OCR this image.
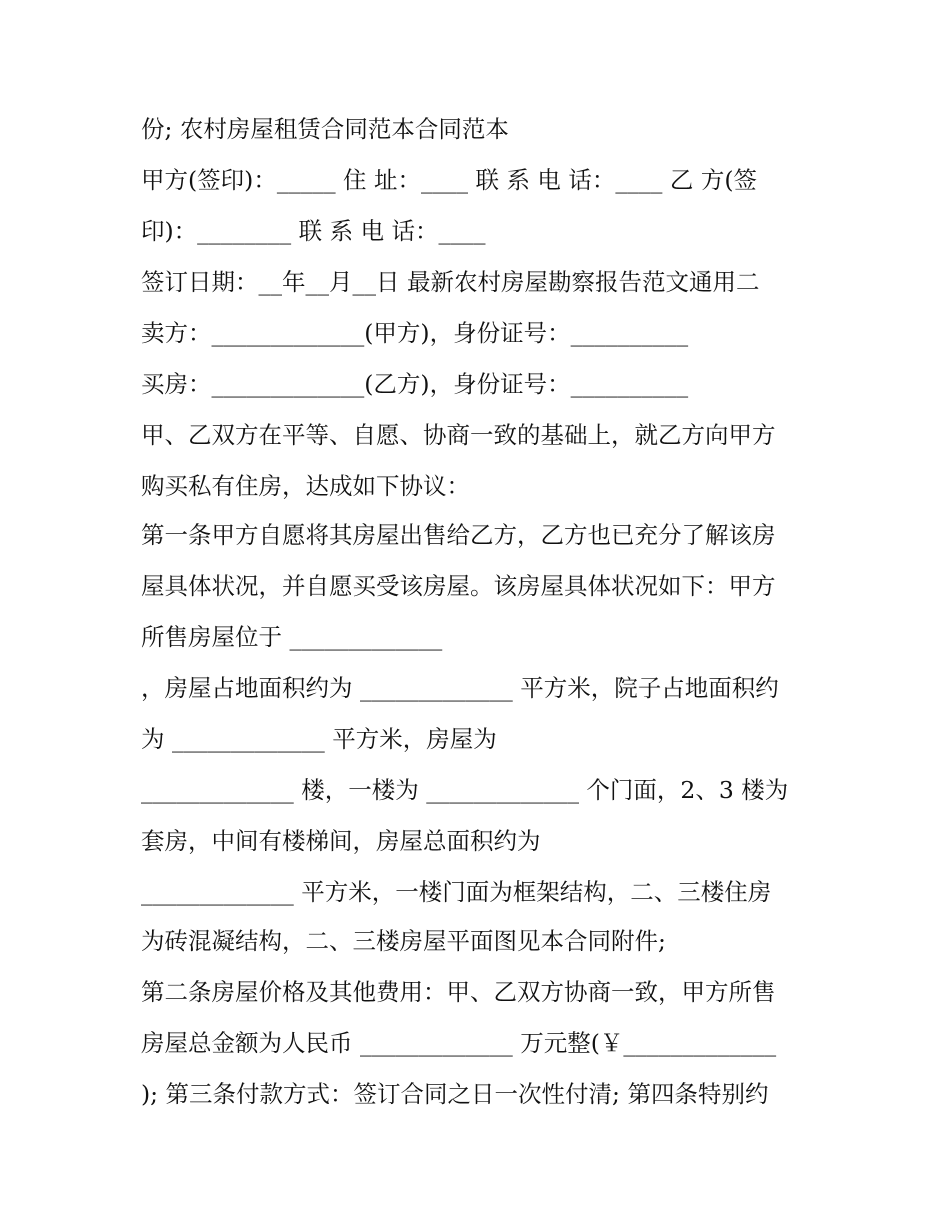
份; 农村房屋租赁合同范本合同范本
甲方(签印)：_____ 住 址：____ 联 系 电 话：____ 乙 方(签
印)：________ 联 系 电 话：____
签订日期：__年__月__日 最新农村房屋勘察报告范文通用二
卖方：_____________(甲方)，身份证号：__________
买房：_____________(乙方)，身份证号：__________
甲、乙双方在平等、自愿、协商一致的基础上，就乙方向甲方
购买私有住房，达成如下协议：
第一条甲方自愿将其房屋出售给乙方，乙方也已充分了解该房
屋具体状况，并自愿买受该房屋。该房屋具体状况如下：甲方
所售房屋位于 _____________
，房屋占地面积约为 _____________ 平方米，院子占地面积约
为 _____________ 平方米，房屋为
_____________ 楼，一楼为 _____________ 个门面，2、3 楼为
套房，中间有楼梯间，房屋总面积约为
_____________ 平方米，一楼门面为框架结构，二、三楼住房
为砖混凝结构，二、三楼房屋平面图见本合同附件;
第二条房屋价格及其他费用：甲、乙双方协商一致，甲方所售
房屋总金额为人民币 _____________ 万元整(￥_____________
); 第三条付款方式：签订合同之日一次性付清; 第四条特别约
